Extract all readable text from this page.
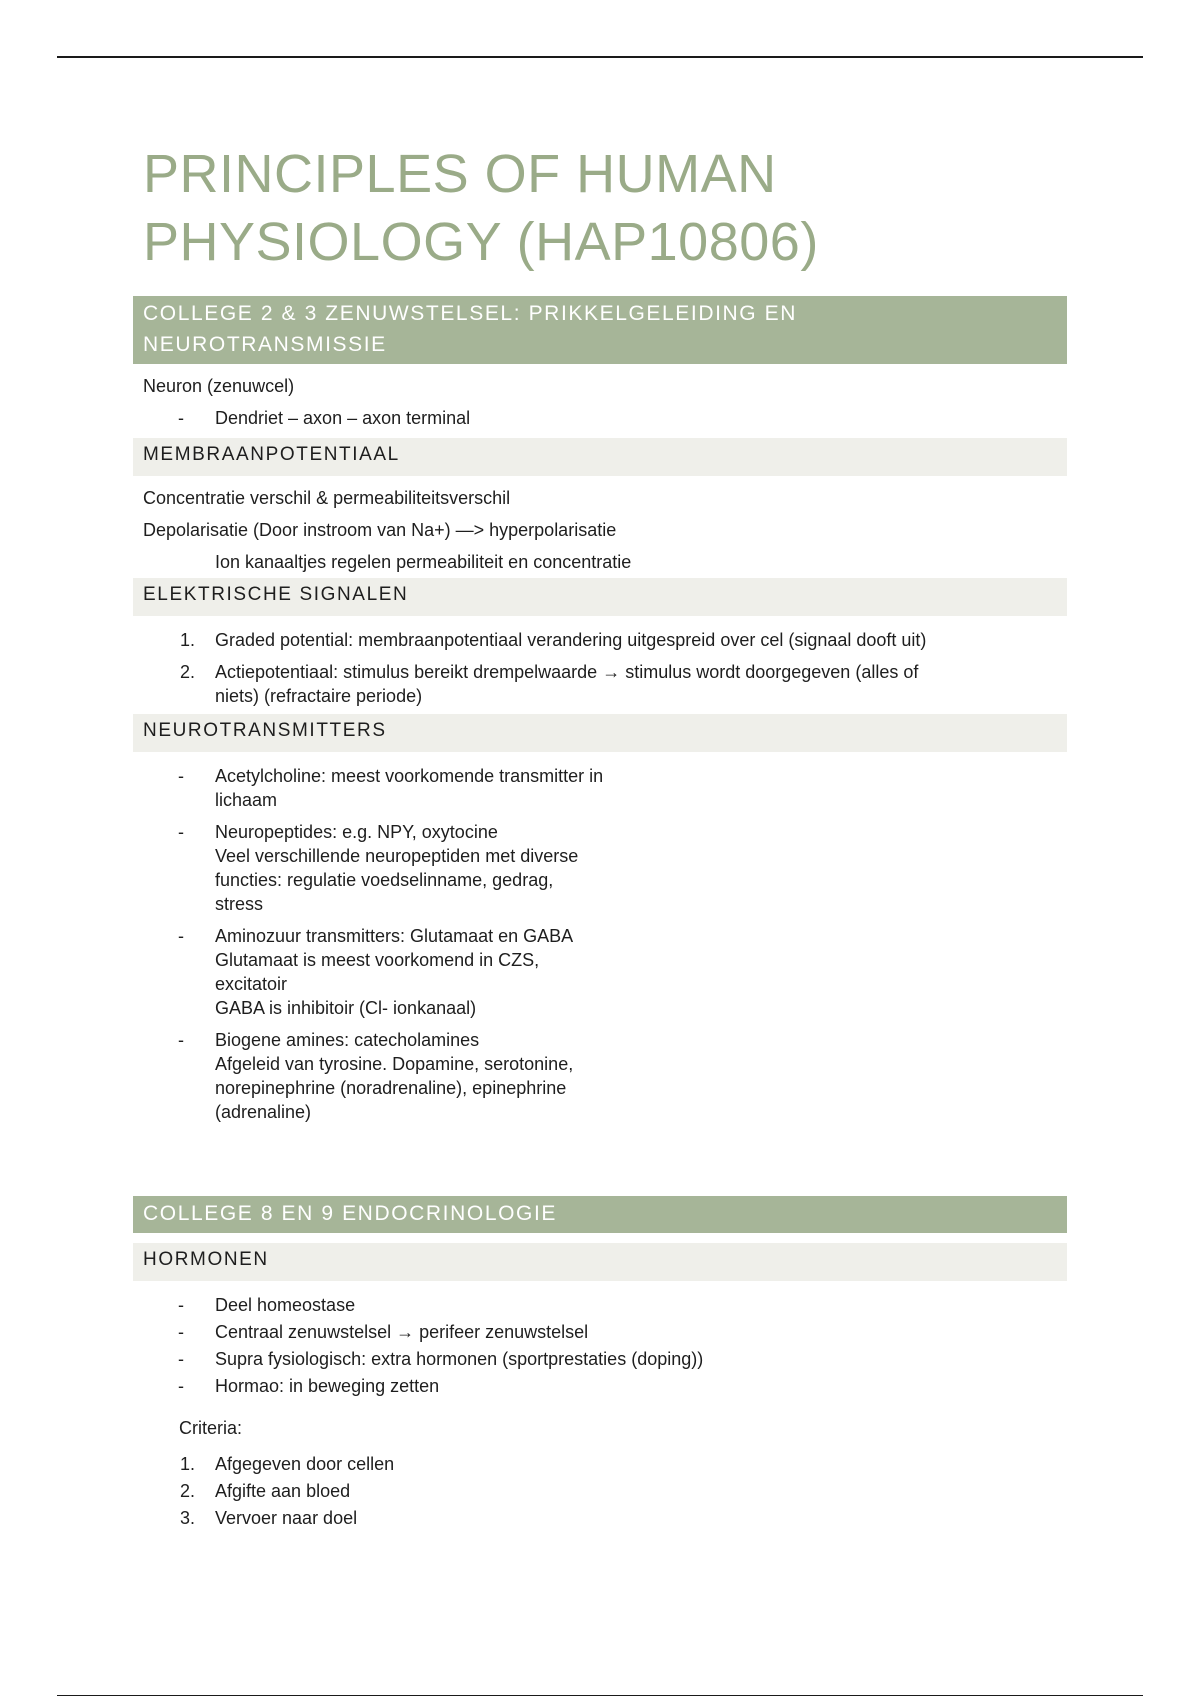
PRINCIPLES OF HUMAN
PHYSIOLOGY (HAP10806)
COLLEGE 2 & 3 ZENUWSTELSEL: PRIKKELGELEIDING EN
NEUROTRANSMISSIE

Neuron (zenuwcel)

- Dendriet – axon – axon terminal
MEMBRAANPOTENTIAAL

Concentratie verschil & permeabiliteitsverschil

Depolarisatie (Door instroom van Na+) —> hyperpolarisatie

Ion kanaaltjes regelen permeabiliteit en concentratie

ELEKTRISCHE SIGNALEN
1. Graded potential: membraanpotentiaal verandering uitgespreid over cel (signaal dooft uit)
2. Actiepotentiaal: stimulus bereikt drempelwaarde → stimulus wordt doorgegeven (alles of
niets) (refractaire periode)
NEUROTRANSMITTERS
- Acetylcholine: meest voorkomende transmitter in
lichaam
- Neuropeptides: e.g. NPY, oxytocine
Veel verschillende neuropeptiden met diverse
functies: regulatie voedselinname, gedrag,
stress
- Aminozuur transmitters: Glutamaat en GABA
Glutamaat is meest voorkomend in CZS,
excitatoir
GABA is inhibitoir (Cl- ionkanaal)
- Biogene amines: catecholamines
Afgeleid van tyrosine. Dopamine, serotonine,
norepinephrine (noradrenaline), epinephrine
(adrenaline)
COLLEGE 8 EN 9 ENDOCRINOLOGIE
HORMONEN
- Deel homeostase
- Centraal zenuwstelsel → perifeer zenuwstelsel
- Supra fysiologisch: extra hormonen (sportprestaties (doping))
- Hormao: in beweging zetten

Criteria:

1. Afgegeven door cellen
2. Afgifte aan bloed
3. Vervoer naar doel
